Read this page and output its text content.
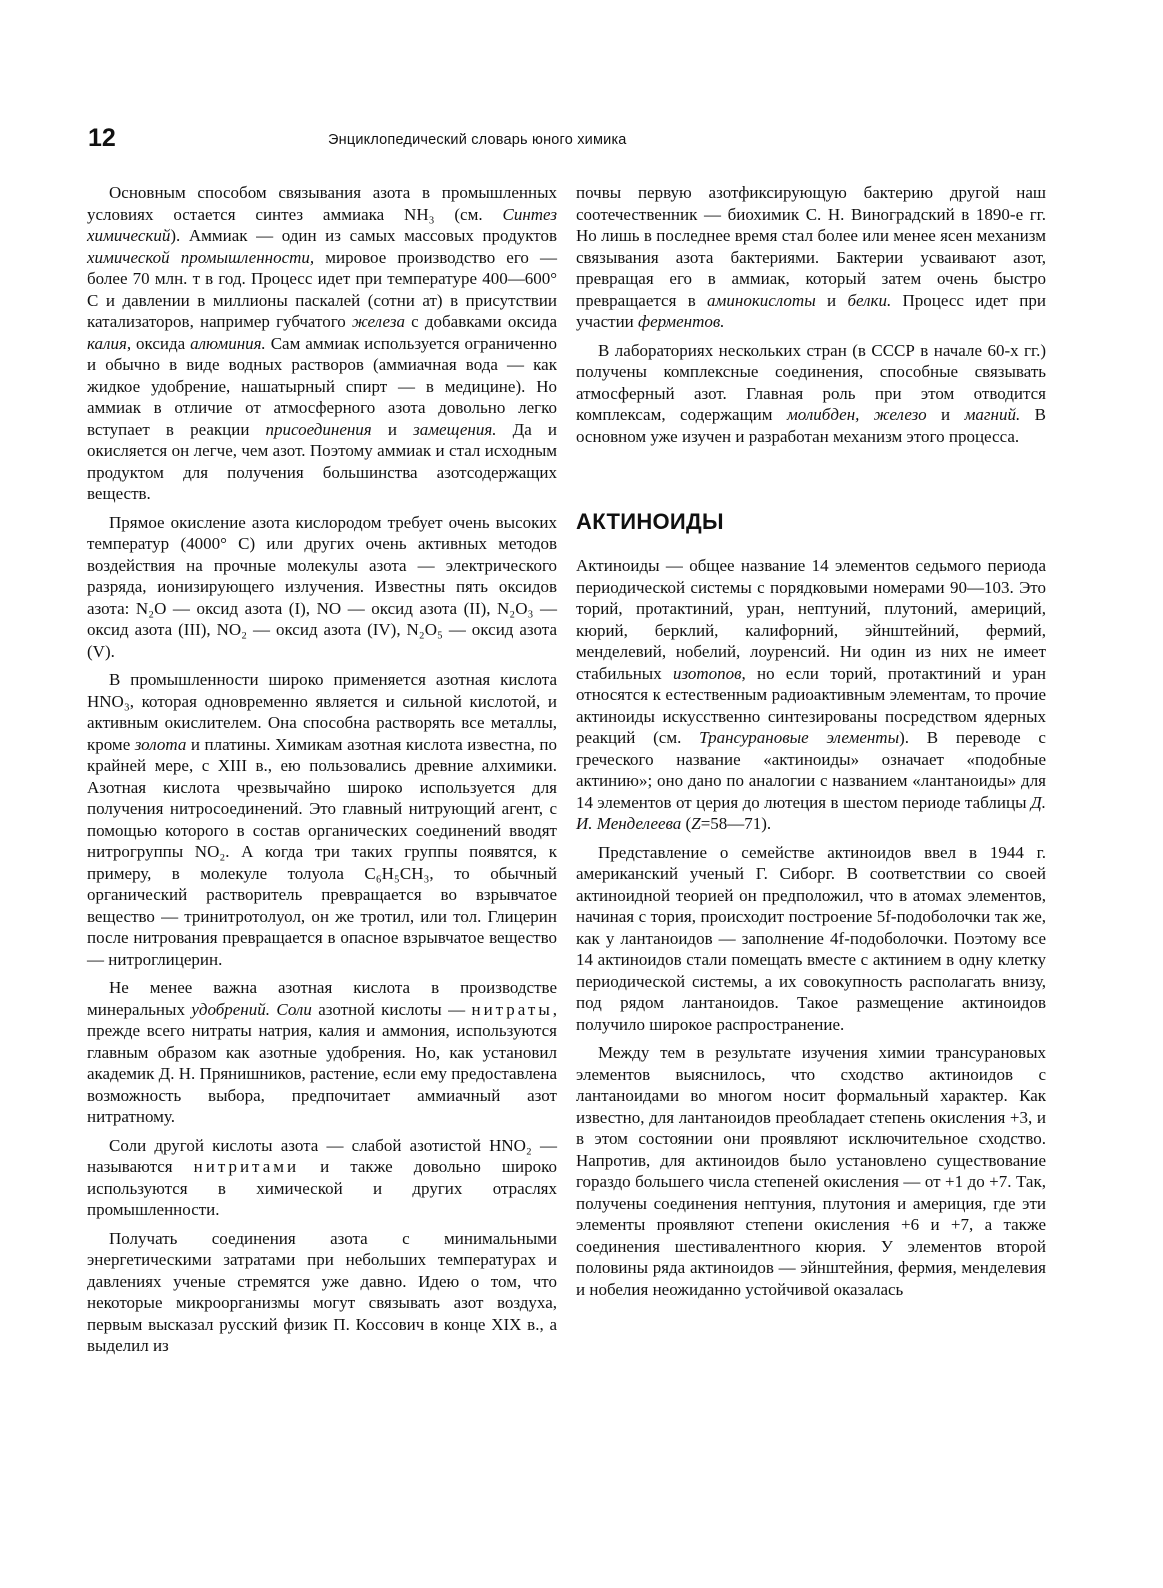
12	Энциклопедический словарь юного химика

Основным способом связывания азота в промышленных условиях остается синтез аммиака NH₃ (см. Синтез химический). Аммиак — один из самых массовых продуктов химической промышленности, мировое производство его — более 70 млн. т в год. Процесс идет при температуре 400—600° С и давлении в миллионы паскалей (сотни ат) в присутствии катализаторов, например губчатого железа с добавками оксида калия, оксида алюминия. Сам аммиак используется ограниченно и обычно в виде водных растворов (аммиачная вода — как жидкое удобрение, нашатырный спирт — в медицине). Но аммиак в отличие от атмосферного азота довольно легко вступает в реакции присоединения и замещения. Да и окисляется он легче, чем азот. Поэтому аммиак и стал исходным продуктом для получения большинства азотсодержащих веществ.

Прямое окисление азота кислородом требует очень высоких температур (4000° С) или других очень активных методов воздействия на прочные молекулы азота — электрического разряда, ионизирующего излучения. Известны пять оксидов азота: N₂O — оксид азота (I), NO — оксид азота (II), N₂O₃ — оксид азота (III), NO₂ — оксид азота (IV), N₂O₅ — оксид азота (V).

В промышленности широко применяется азотная кислота HNO₃, которая одновременно является и сильной кислотой, и активным окислителем. Она способна растворять все металлы, кроме золота и платины. Химикам азотная кислота известна, по крайней мере, с XIII в., ею пользовались древние алхимики. Азотная кислота чрезвычайно широко используется для получения нитросоединений. Это главный нитрующий агент, с помощью которого в состав органических соединений вводят нитрогруппы NO₂. А когда три таких группы появятся, к примеру, в молекуле толуола C₆H₅CH₃, то обычный органический растворитель превращается во взрывчатое вещество — тринитротолуол, он же тротил, или тол. Глицерин после нитрования превращается в опасное взрывчатое вещество — нитроглицерин.

Не менее важна азотная кислота в производстве минеральных удобрений. Соли азотной кислоты — нитраты, прежде всего нитраты натрия, калия и аммония, используются главным образом как азотные удобрения. Но, как установил академик Д. Н. Прянишников, растение, если ему предоставлена возможность выбора, предпочитает аммиачный азот нитратному.

Соли другой кислоты азота — слабой азотистой HNO₂ — называются нитритами и также довольно широко используются в химической и других отраслях промышленности.

Получать соединения азота с минимальными энергетическими затратами при небольших температурах и давлениях ученые стремятся уже давно. Идею о том, что некоторые микроорганизмы могут связывать азот воздуха, первым высказал русский физик П. Коссович в конце XIX в., а выделил из

почвы первую азотфиксирующую бактерию другой наш соотечественник — биохимик С. Н. Виноградский в 1890-е гг. Но лишь в последнее время стал более или менее ясен механизм связывания азота бактериями. Бактерии усваивают азот, превращая его в аммиак, который затем очень быстро превращается в аминокислоты и белки. Процесс идет при участии ферментов.

В лабораториях нескольких стран (в СССР в начале 60-х гг.) получены комплексные соединения, способные связывать атмосферный азот. Главная роль при этом отводится комплексам, содержащим молибден, железо и магний. В основном уже изучен и разработан механизм этого процесса.

АКТИНОИДЫ

Актиноиды — общее название 14 элементов седьмого периода периодической системы с порядковыми номерами 90—103. Это торий, протактиний, уран, нептуний, плутоний, америций, кюрий, берклий, калифорний, эйнштейний, фермий, менделевий, нобелий, лоуренсий. Ни один из них не имеет стабильных изотопов, но если торий, протактиний и уран относятся к естественным радиоактивным элементам, то прочие актиноиды искусственно синтезированы посредством ядерных реакций (см. Трансурановые элементы). В переводе с греческого название «актиноиды» означает «подобные актинию»; оно дано по аналогии с названием «лантаноиды» для 14 элементов от церия до лютеция в шестом периоде таблицы Д. И. Менделеева (Z=58—71).

Представление о семействе актиноидов ввел в 1944 г. американский ученый Г. Сиборг. В соответствии со своей актиноидной теорией он предположил, что в атомах элементов, начиная с тория, происходит построение 5f-подоболочки так же, как у лантаноидов — заполнение 4f-подоболочки. Поэтому все 14 актиноидов стали помещать вместе с актинием в одну клетку периодической системы, а их совокупность располагать внизу, под рядом лантаноидов. Такое размещение актиноидов получило широкое распространение.

Между тем в результате изучения химии трансурановых элементов выяснилось, что сходство актиноидов с лантаноидами во многом носит формальный характер. Как известно, для лантаноидов преобладает степень окисления +3, и в этом состоянии они проявляют исключительное сходство. Напротив, для актиноидов было установлено существование гораздо большего числа степеней окисления — от +1 до +7. Так, получены соединения нептуния, плутония и америция, где эти элементы проявляют степени окисления +6 и +7, а также соединения шестивалентного кюрия. У элементов второй половины ряда актиноидов — эйнштейния, фермия, менделевия и нобелия неожиданно устойчивой оказалась
